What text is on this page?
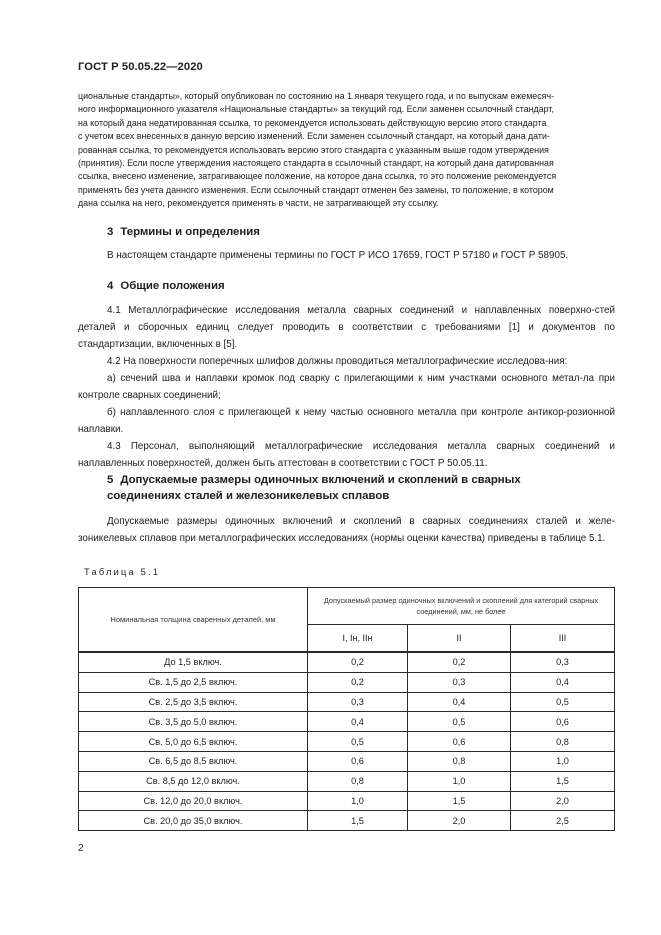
ГОСТ Р 50.05.22—2020

циональные стандарты», который опубликован по состоянию на 1 января текущего года, и по выпускам ежемесяч-

ного информационного указателя «Национальные стандарты» за текущий год. Если заменен ссылочный стандарт,

на который дана недатированная ссылка, то рекомендуется использовать действующую версию этого стандарта

с учетом всех внесенных в данную версию изменений. Если заменен ссылочный стандарт, на который дана дати-

рованная ссылка, то рекомендуется использовать версию этого стандарта с указанным выше годом утверждения

(принятия). Если после утверждения настоящего стандарта в ссылочный стандарт, на который дана датированная

ссылка, внесено изменение, затрагивающее положение, на которое дана ссылка, то это положение рекомендуется

применять без учета данного изменения. Если ссылочный стандарт отменен без замены, то положение, в котором

дана ссылка на него, рекомендуется применять в части, не затрагивающей эту ссылку.

3 Термины и определения

В настоящем стандарте применены термины по ГОСТ Р ИСО 17659, ГОСТ Р 57180 и ГОСТ Р 58905.

4 Общие положения

4.1 Металлографические исследования металла сварных соединений и наплавленных поверхно-стей деталей и сборочных единиц следует проводить в соответствии с требованиями [1] и документов по стандартизации, включенных в [5].

4.2 На поверхности поперечных шлифов должны проводиться металлографические исследова-ния:

а) сечений шва и наплавки кромок под сварку с прилегающими к ним участками основного метал-ла при контроле сварных соединений;

б) наплавленного слоя с прилегающей к нему частью основного металла при контроле антикор-розионной наплавки.

4.3 Персонал, выполняющий металлографические исследования металла сварных соединений и наплавленных поверхностей, должен быть аттестован в соответствии с ГОСТ Р 50.05.11.

5 Допускаемые размеры одиночных включений и скоплений в сварных
соединениях сталей и железоникелевых сплавов

Допускаемые размеры одиночных включений и скоплений в сварных соединениях сталей и желе-зоникелевых сплавов при металлографических исследованиях (нормы оценки качества) приведены в таблице 5.1.

Таблица 5.1
Номинальная толщина сваренных деталей, мм	Допускаемый размер одиночных включений и скоплений для категорий сварных соединений, мм, не более		
	I, Iн, IIн	II	III
До 1,5 включ.	0,2	0,2	0,3
Св. 1,5 до 2,5 включ.	0,2	0,3	0,4
Св. 2,5 до 3,5 включ.	0,3	0,4	0,5
Св. 3,5 до 5,0 включ.	0,4	0,5	0,6
Св. 5,0 до 6,5 включ.	0,5	0,6	0,8
Св. 6,5 до 8,5 включ.	0,6	0,8	1,0
Св. 8,5 до 12,0 включ.	0,8	1,0	1,5
Св. 12,0 до 20,0 включ.	1,0	1,5	2,0
Св. 20,0 до 35,0 включ.	1,5	2,0	2,5
2
